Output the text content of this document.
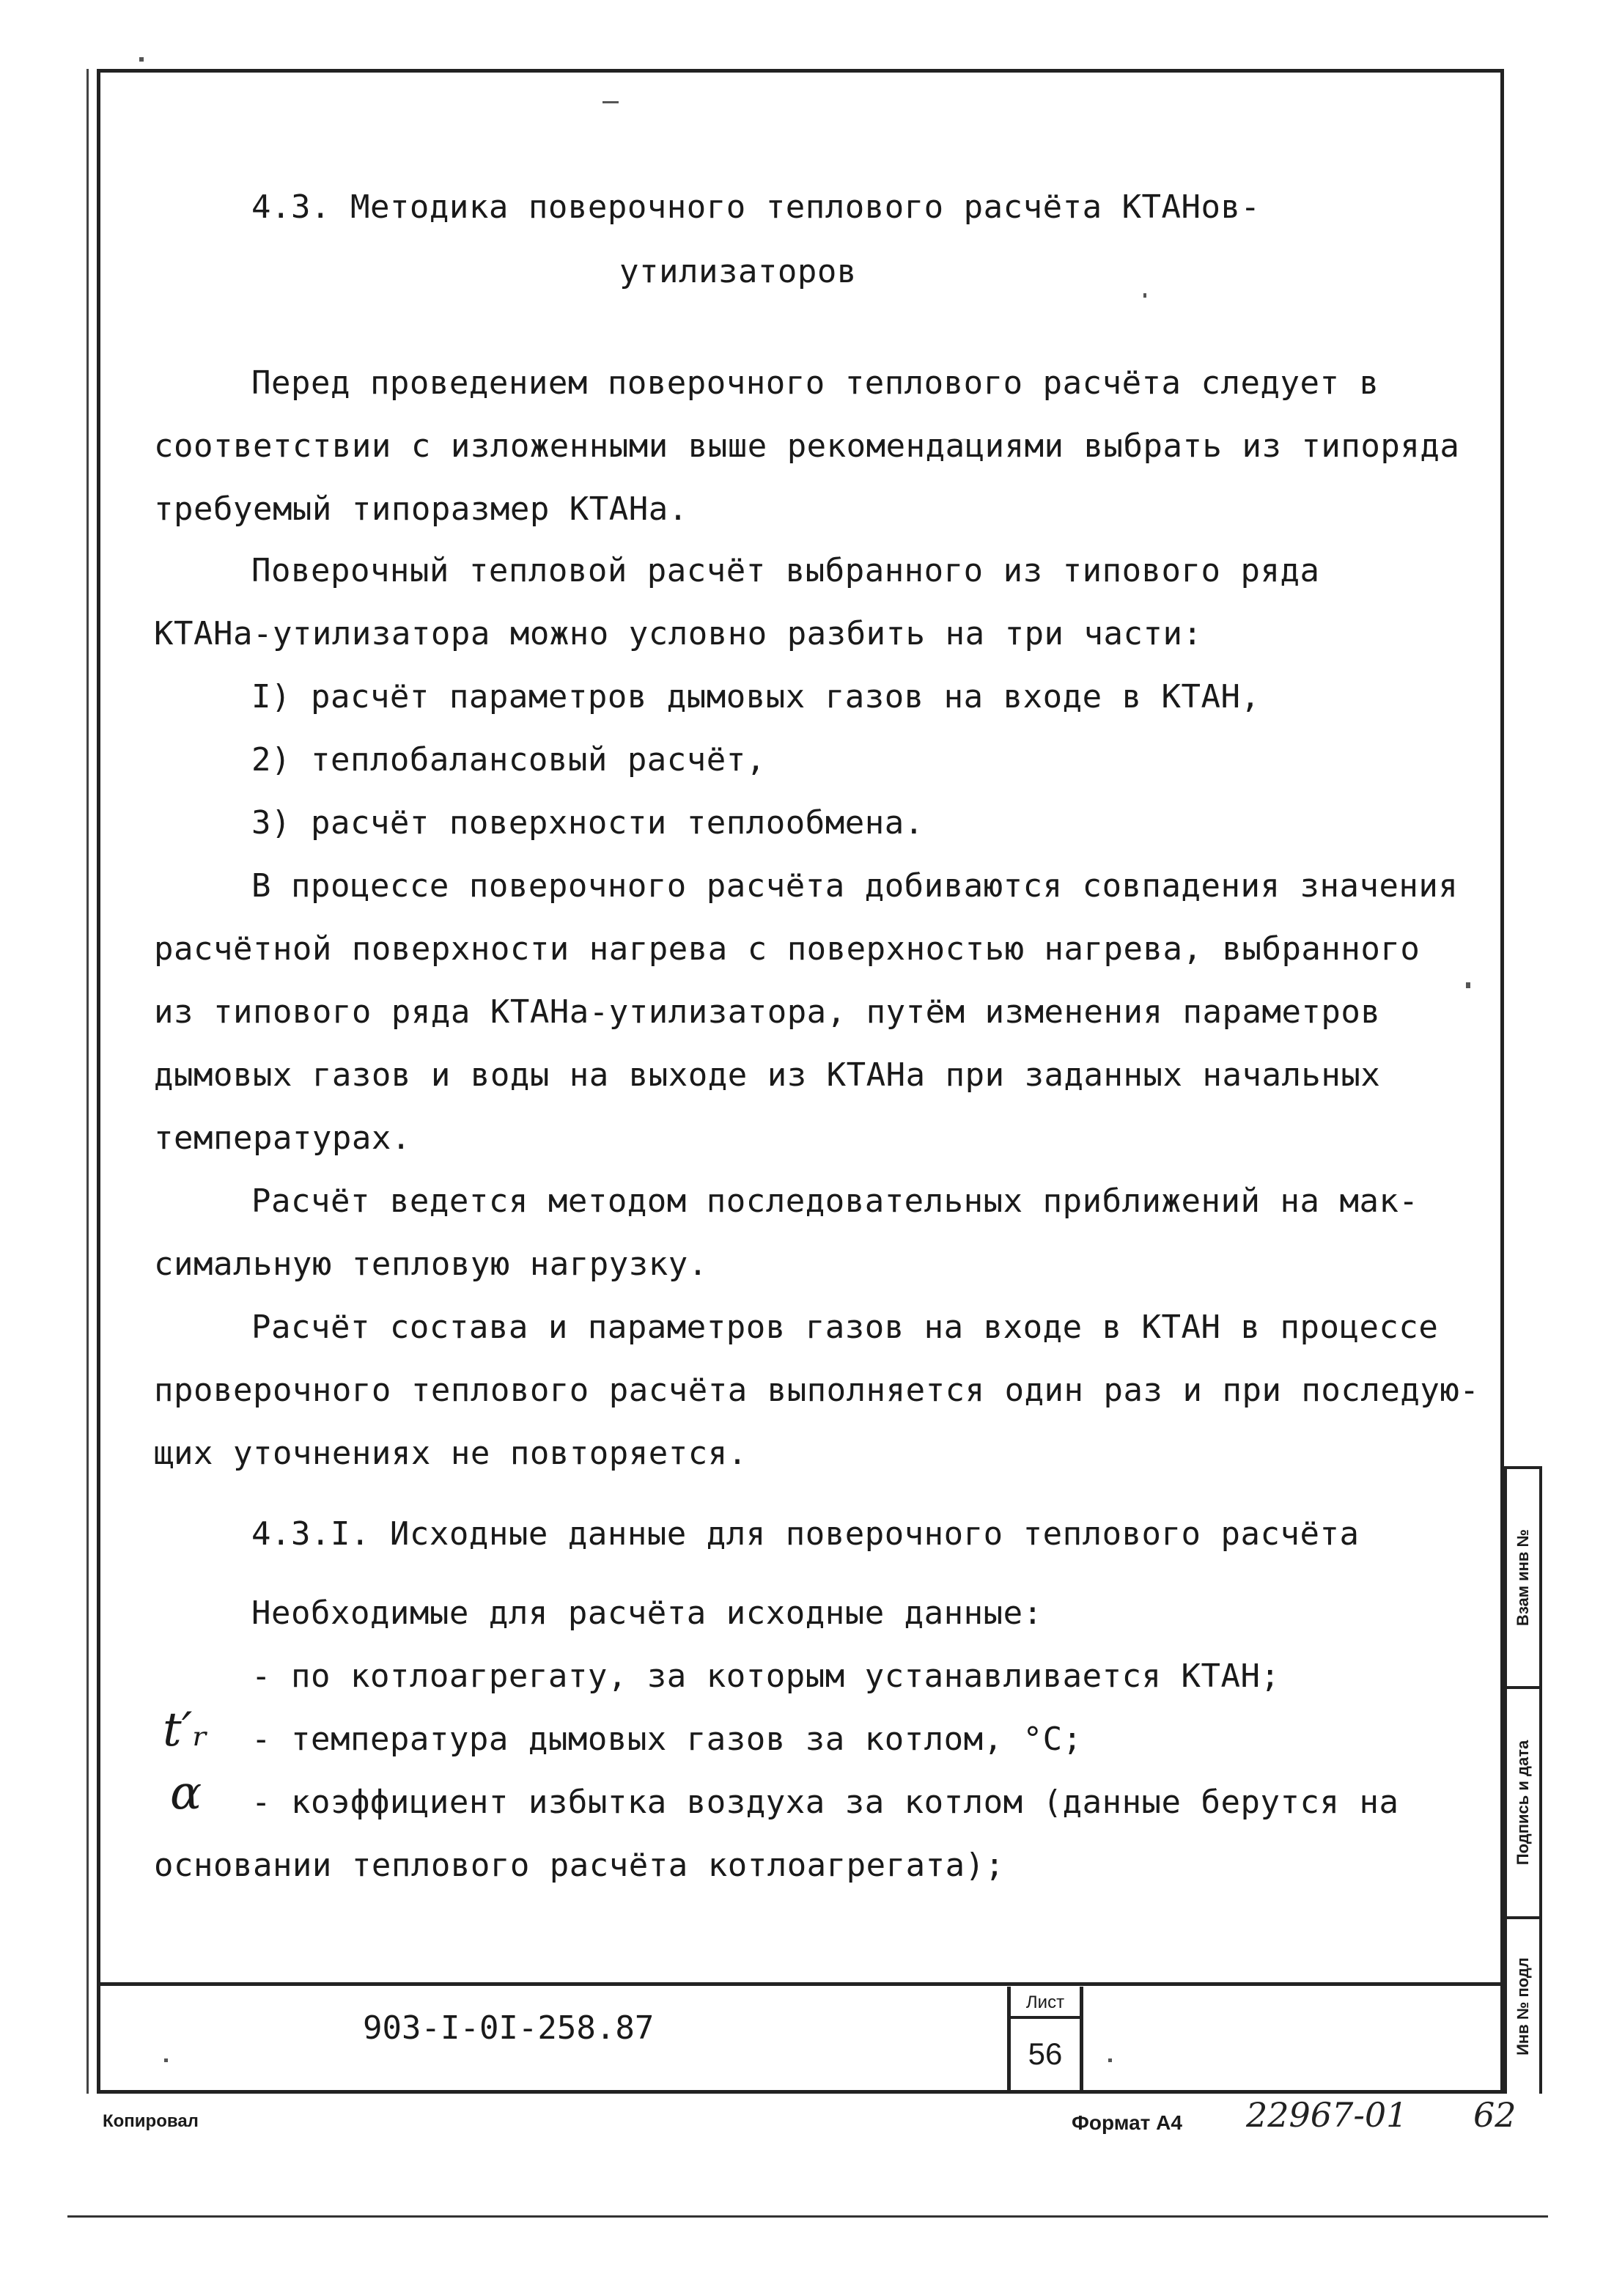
4.3. Методика поверочного теплового расчёта КТАНов-
утилизаторов
Перед проведением поверочного теплового расчёта следует в
соответствии с изложенными выше рекомендациями выбрать из типоряда
требуемый типоразмер КТАНа.
Поверочный тепловой расчёт выбранного из типового ряда
КТАНа-утилизатора можно условно разбить на три части:
I) расчёт параметров дымовых газов на входе в КТАН,
2) теплобалансовый расчёт,
3) расчёт поверхности теплообмена.
В процессе поверочного расчёта добиваются совпадения значения
расчётной поверхности нагрева с поверхностью нагрева, выбранного
из типового ряда КТАНа-утилизатора, путём изменения параметров
дымовых газов и воды на выходе из КТАНа при заданных начальных
температурах.
Расчёт ведется методом последовательных приближений на мак-
симальную тепловую нагрузку.
Расчёт состава и параметров газов на входе в КТАН в процессе
проверочного теплового расчёта выполняется один раз и при последую-
щих уточнениях не повторяется.
4.3.I. Исходные данные для поверочного теплового расчёта
Необходимые для расчёта исходные данные:
- по котлоагрегату, за которым устанавливается КТАН;
t′ᵣ - температура дымовых газов за котлом, °С;
α - коэффициент избытка воздуха за котлом (данные берутся на
основании теплового расчёта котлоагрегата);
903-I-0I-258.87
Лист
56
Взам инв №
Подпись и дата
Инв № подл
Копировал	Формат А4 22967-01 62
